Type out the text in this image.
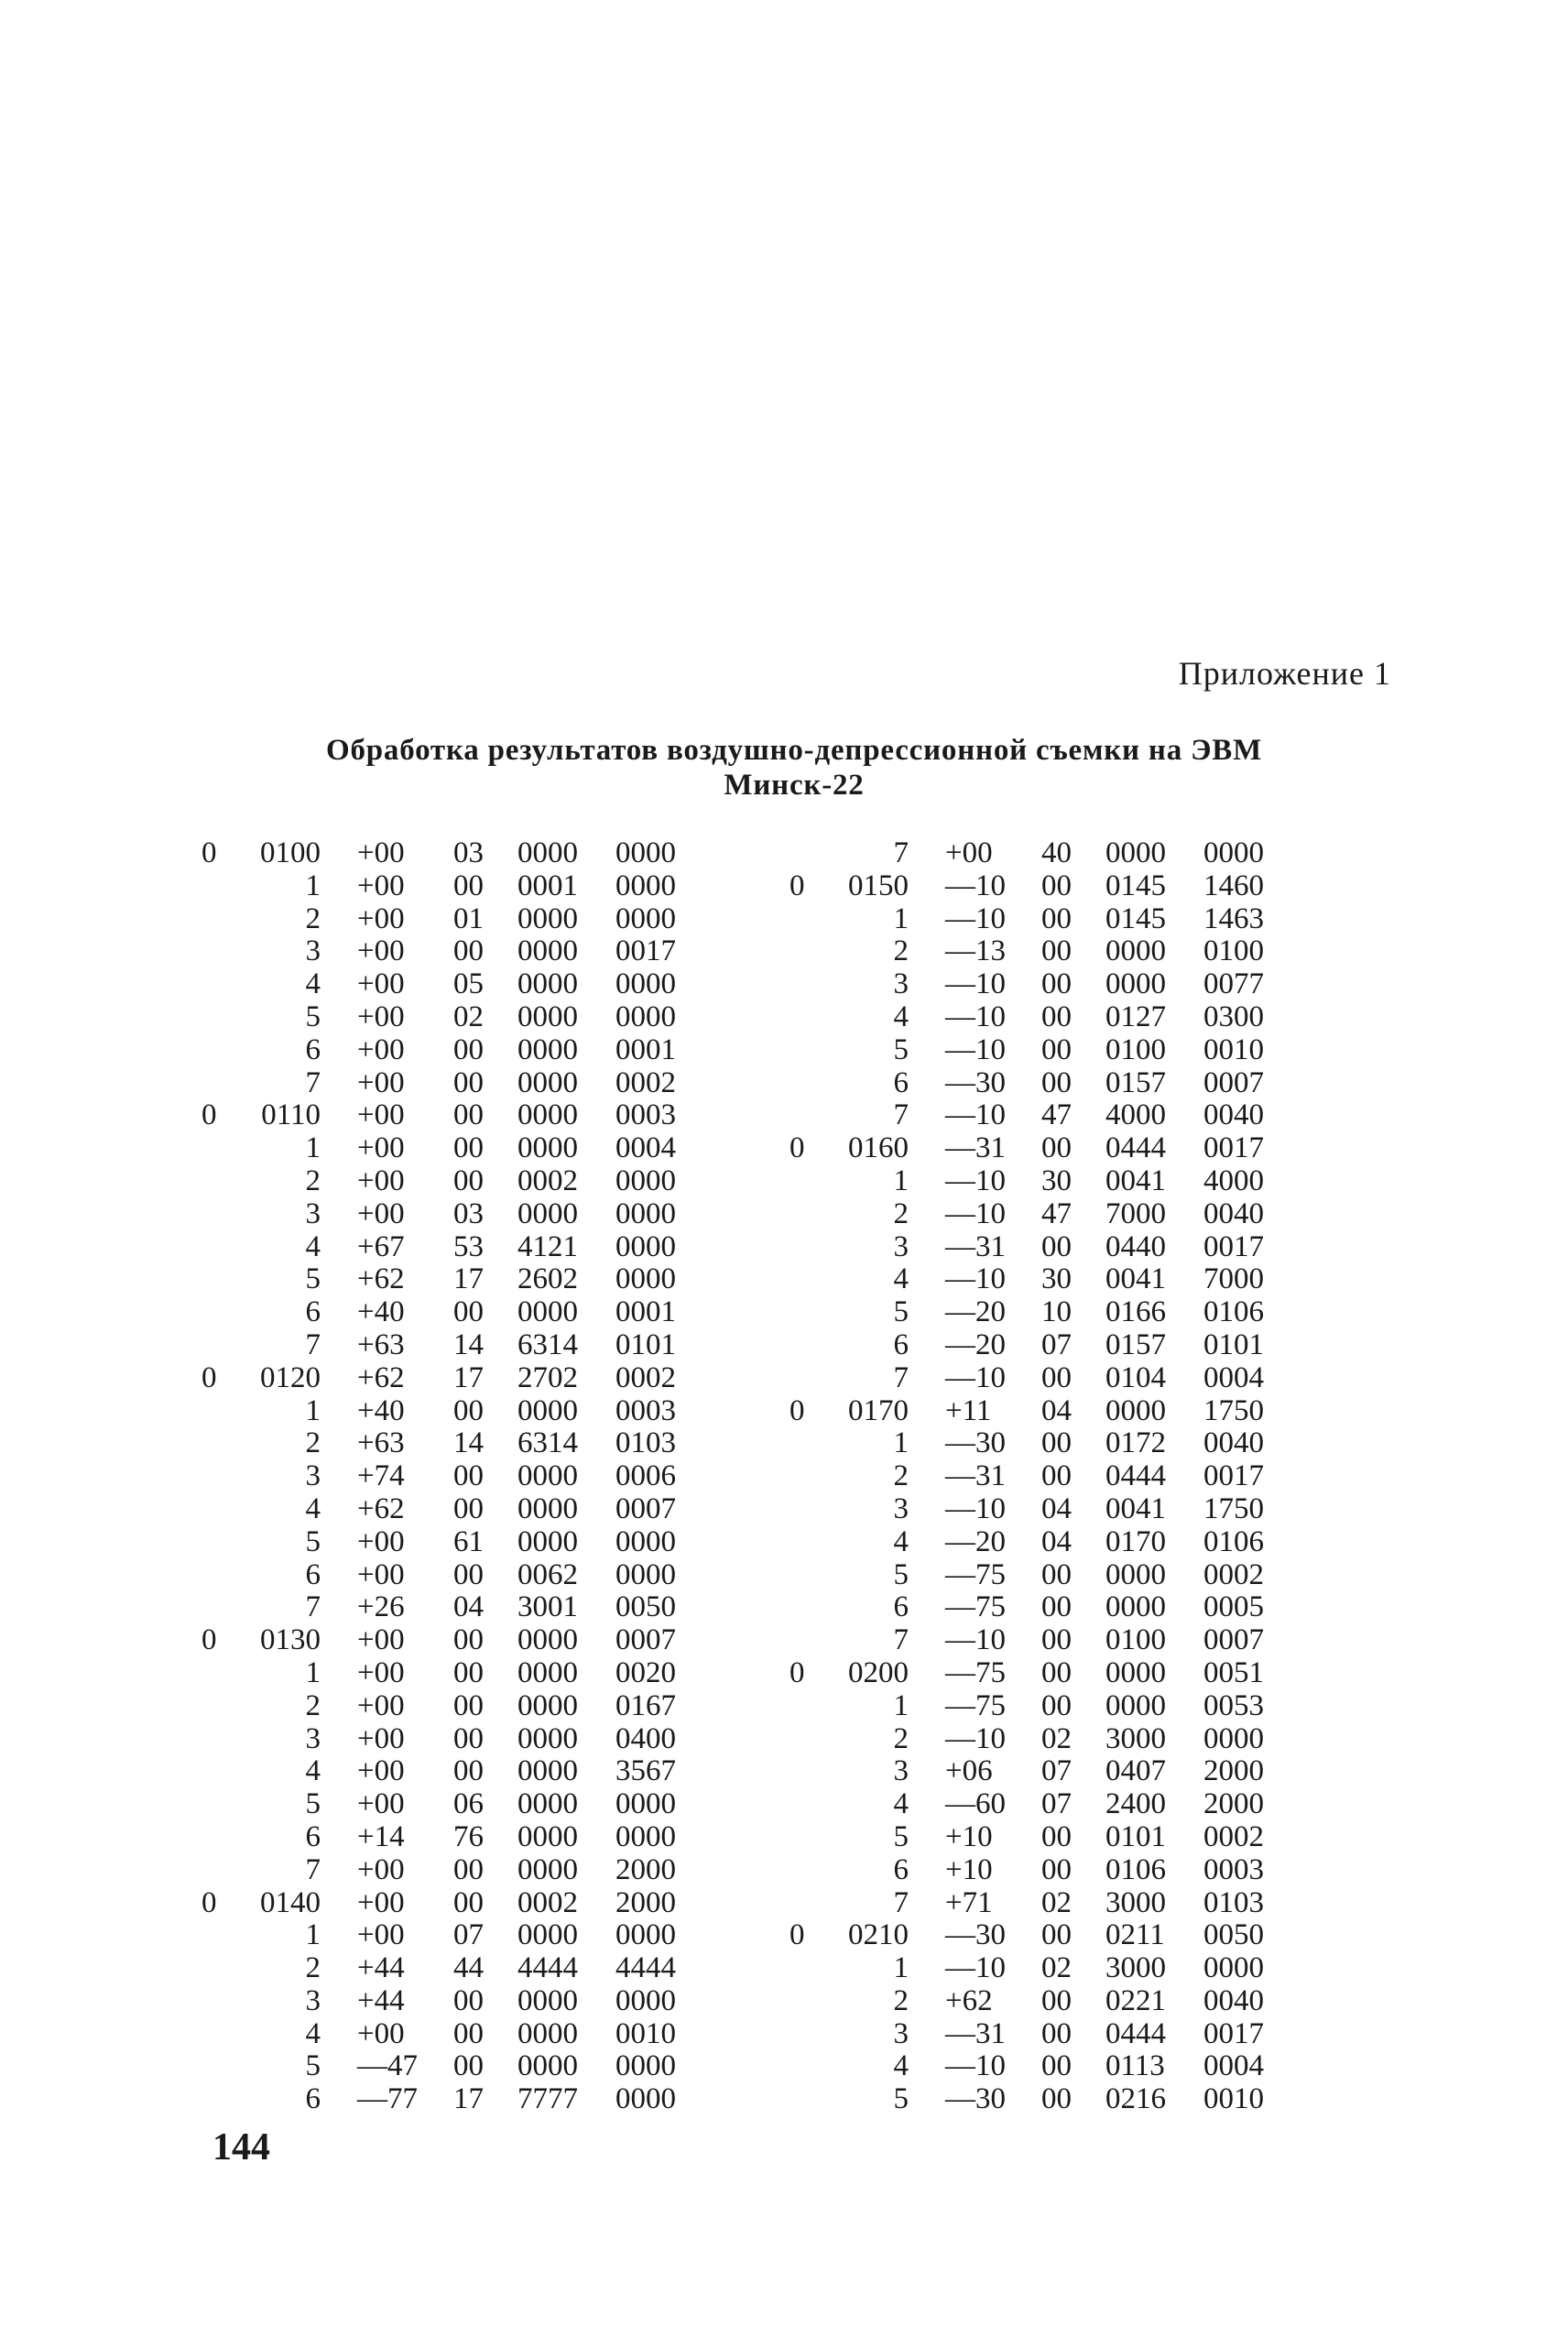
Приложение 1
Обработка результатов воздушно-депрессионной съемки на ЭВМ
Минск-22
0	0100 +00	03 0000	0000
1 +00	00 0001	0000
2 +00	01 0000	0000
3 +00	00 0000	0017
4 +00	05 0000	0000
5 +00	02 0000	0000
6 +00	00 0000	0001
7 +00	00 0000	0002
0	0110 +00	00 0000	0003
1 +00	00 0000	0004
2 +00	00 0002	0000
3 +00	03 0000	0000
4 +67	53 4121	0000
5 +62	17 2602	0000
6 +40	00 0000	0001
7 +63	14 6314	0101
0	0120 +62	17 2702	0002
1 +40	00 0000	0003
2 +63	14 6314	0103
3 +74	00 0000	0006
4 +62	00 0000	0007
5 +00	61 0000	0000
6 +00	00 0062	0000
7 +26	04 3001	0050
0	0130 +00	00 0000	0007
1 +00	00 0000	0020
2 +00	00 0000	0167
3 +00	00 0000	0400
4 +00	00 0000	3567
5 +00	06 0000	0000
6 +14	76 0000	0000
7 +00	00 0000	2000
0	0140 +00	00 0002	2000
1 +00	07 0000	0000
2 +44	44 4444	4444
3 +44	00 0000	0000
4 +00	00 0000	0010
5 —47 00 0000	0000
6 —77 17 7777	0000
7 +00	40 0000	0000
0	0150 —10 00 0145	1460
1 —10 00 0145	1463
2 —13 00 0000	0100
3 —10 00 0000	0077
4 —10 00 0127	0300
5 —10 00 0100	0010
6 —30 00 0157	0007
7 —10 47 4000	0040
0	0160 —31 00 0444	0017
1 —10 30 0041	4000
2 —10 47 7000	0040
3 —31 00 0440	0017
4 —10 30 0041	7000
5 —20 10 0166	0106
6 —20 07 0157	0101
7 —10 00 0104	0004
0	0170 +11	04 0000	1750
1 —30 00 0172	0040
2 —31 00 0444	0017
3 —10 04 0041	1750
4 —20 04 0170	0106
5 —75 00 0000	0002
6 —75 00 0000	0005
7 —10 00 0100	0007
0	0200 —75 00 0000	0051
1 —75 00 0000	0053
2 —10 02 3000	0000
3 +06	07 0407	2000
4 —60 07 2400	2000
5 +10	00 0101	0002
6 +10	00 0106	0003
7 +71	02 3000	0103
0	0210 —30 00 0211	0050
1 —10 02 3000	0000
2 +62	00 0221	0040
3 —31 00 0444	0017
4 —10 00 0113	0004
5 —30 00 0216	0010
144
